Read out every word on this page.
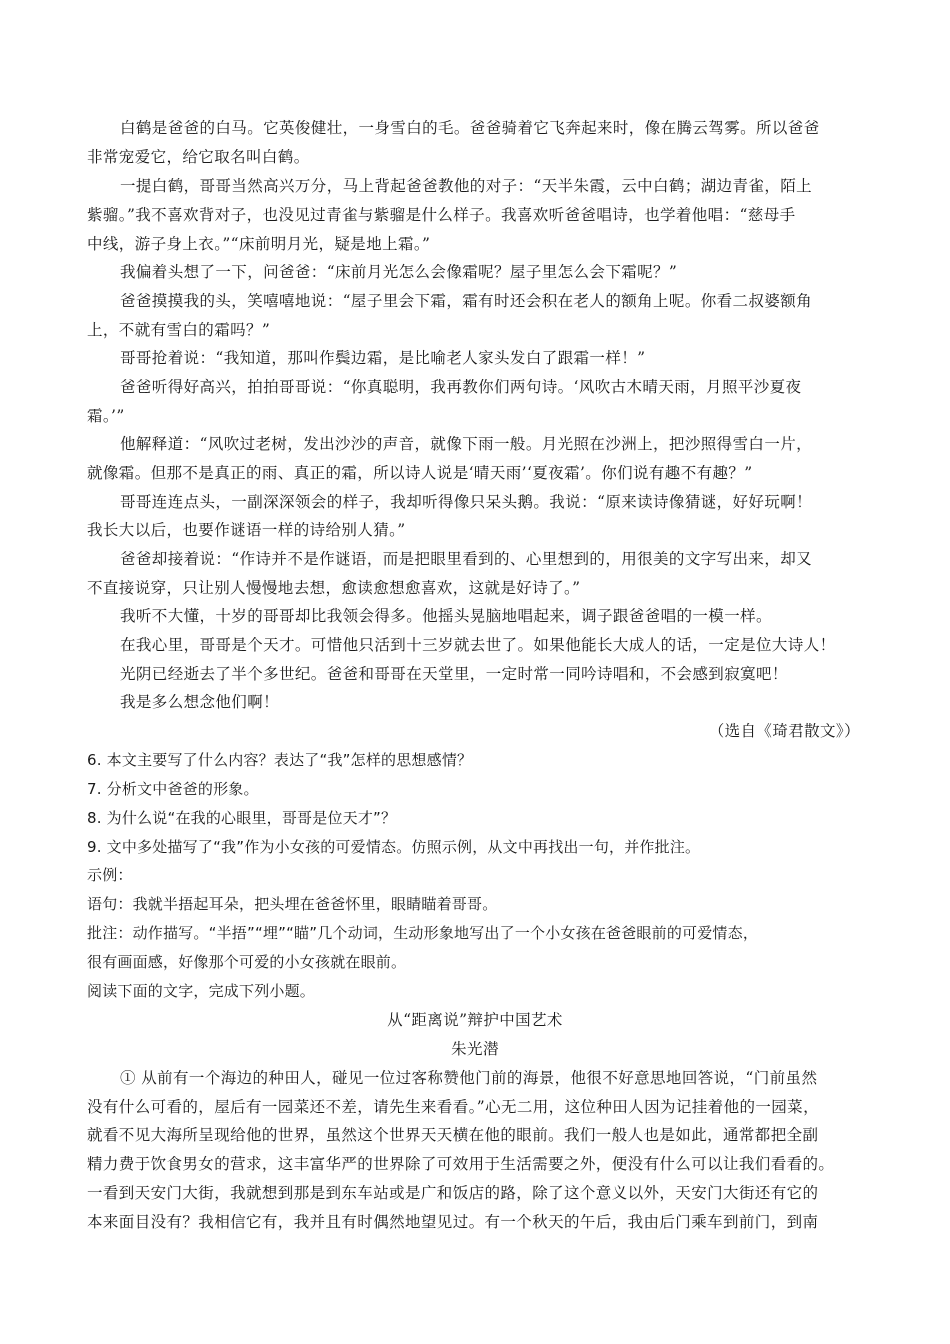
白鹤是爸爸的白马。它英俊健壮，一身雪白的毛。爸爸骑着它飞奔起来时，像在腾云驾雾。所以爸爸
非常宠爱它，给它取名叫白鹤。
一提白鹤，哥哥当然高兴万分，马上背起爸爸教他的对子：“天半朱霞，云中白鹤；湖边青雀，陌上
紫骝。”我不喜欢背对子，也没见过青雀与紫骝是什么样子。我喜欢听爸爸唱诗，也学着他唱：“慈母手
中线，游子身上衣。”“床前明月光，疑是地上霜。”
我偏着头想了一下，问爸爸：“床前月光怎么会像霜呢？屋子里怎么会下霜呢？”
爸爸摸摸我的头，笑嘻嘻地说：“屋子里会下霜，霜有时还会积在老人的额角上呢。你看二叔婆额角
上，不就有雪白的霜吗？”
哥哥抢着说：“我知道，那叫作鬓边霜，是比喻老人家头发白了跟霜一样！”
爸爸听得好高兴，拍拍哥哥说：“你真聪明，我再教你们两句诗。‘风吹古木晴天雨，月照平沙夏夜
霜。’”
他解释道：“风吹过老树，发出沙沙的声音，就像下雨一般。月光照在沙洲上，把沙照得雪白一片，
就像霜。但那不是真正的雨、真正的霜，所以诗人说是‘晴天雨’‘夏夜霜’。你们说有趣不有趣？”
哥哥连连点头，一副深深领会的样子，我却听得像只呆头鹅。我说：“原来读诗像猜谜，好好玩啊！
我长大以后，也要作谜语一样的诗给别人猜。”
爸爸却接着说：“作诗并不是作谜语，而是把眼里看到的、心里想到的，用很美的文字写出来，却又
不直接说穿，只让别人慢慢地去想，愈读愈想愈喜欢，这就是好诗了。”
我听不大懂，十岁的哥哥却比我领会得多。他摇头晃脑地唱起来，调子跟爸爸唱的一模一样。
在我心里，哥哥是个天才。可惜他只活到十三岁就去世了。如果他能长大成人的话，一定是位大诗人！
光阴已经逝去了半个多世纪。爸爸和哥哥在天堂里，一定时常一同吟诗唱和，不会感到寂寞吧！
我是多么想念他们啊！
（选自《琦君散文》）
6. 本文主要写了什么内容？表达了“我”怎样的思想感情？
7. 分析文中爸爸的形象。
8. 为什么说“在我的心眼里，哥哥是位天才”？
9. 文中多处描写了“我”作为小女孩的可爱情态。仿照示例，从文中再找出一句，并作批注。
示例：
语句：我就半捂起耳朵，把头埋在爸爸怀里，眼睛瞄着哥哥。
批注：动作描写。“半捂”“埋”“瞄”几个动词，生动形象地写出了一个小女孩在爸爸眼前的可爱情态，
很有画面感，好像那个可爱的小女孩就在眼前。
阅读下面的文字，完成下列小题。
从“距离说”辩护中国艺术
朱光潜
① 从前有一个海边的种田人，碰见一位过客称赞他门前的海景，他很不好意思地回答说，“门前虽然
没有什么可看的，屋后有一园菜还不差，请先生来看看。”心无二用，这位种田人因为记挂着他的一园菜，
就看不见大海所呈现给他的世界，虽然这个世界天天横在他的眼前。我们一般人也是如此，通常都把全副
精力费于饮食男女的营求，这丰富华严的世界除了可效用于生活需要之外，便没有什么可以让我们看看的。
一看到天安门大街，我就想到那是到东车站或是广和饭店的路，除了这个意义以外，天安门大街还有它的
本来面目没有？我相信它有，我并且有时偶然地望见过。有一个秋天的午后，我由后门乘车到前门，到南
